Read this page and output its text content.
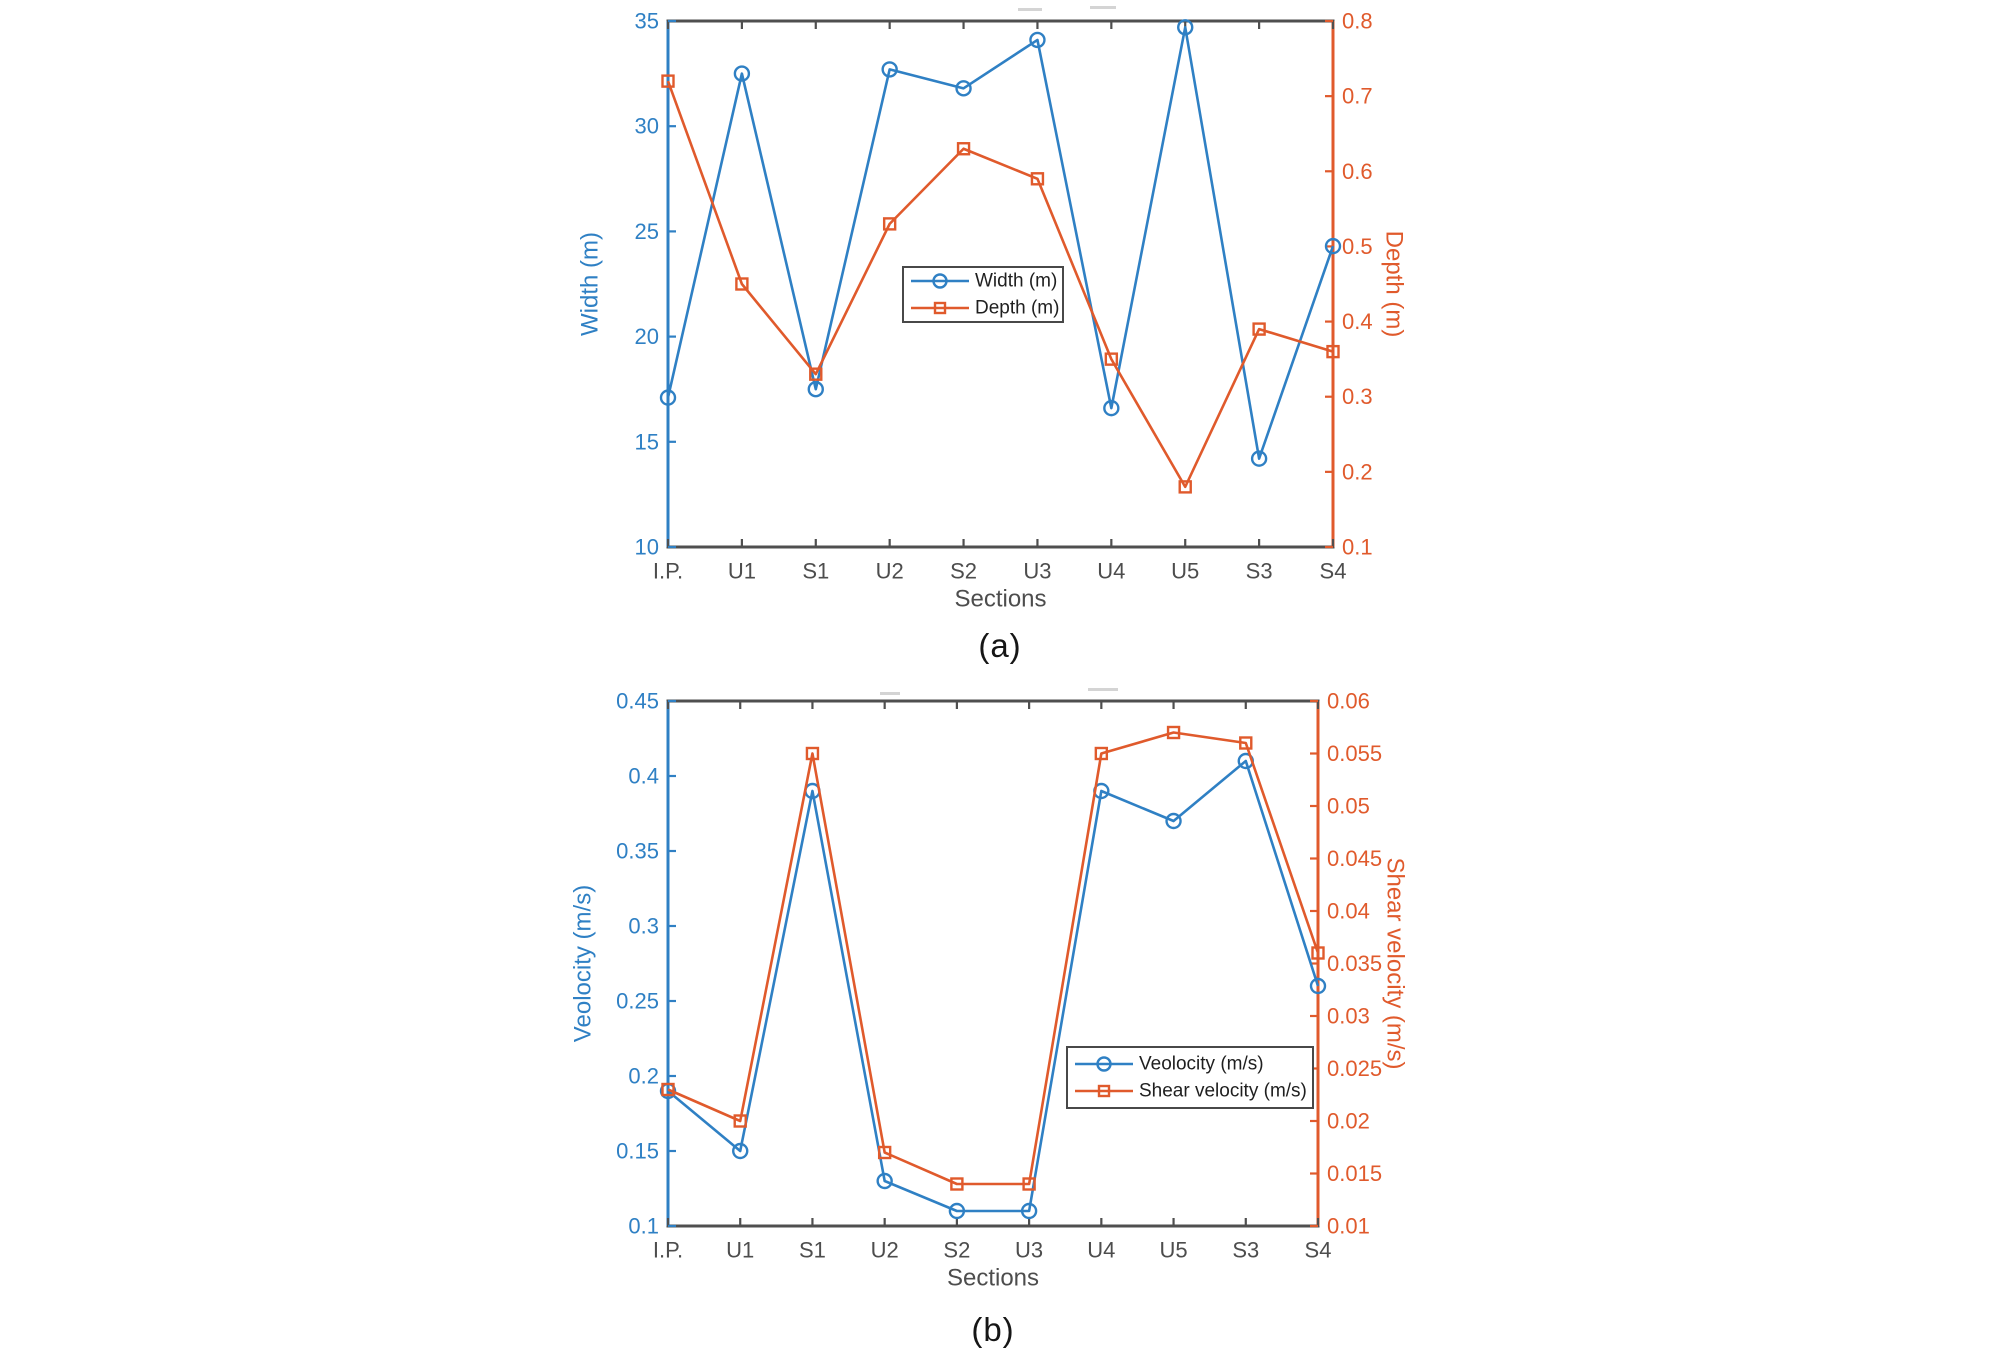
I.P. U1 S1 U2 S2 U3 U4 U5 S3 S4
10
15
20
25
30
35
0.1
0.2
0.3
0.4
0.5
0.6
0.7
0.8
Width (m)	Depth (m)
Sections
Width (m)
Depth (m)
I.P. U1 S1 U2 S2 U3 U4 U5 S3 S4
0.1
0.15
0.2
0.25
0.3
0.35
0.4
0.45
0.01
0.015
0.02
0.025
0.03
0.035
0.04
0.045
0.05
0.055
0.06
Veolocity (m/s)	Shear velocity (m/s)
Sections
Veolocity (m/s)
Shear velocity (m/s)
(a)
(b)
